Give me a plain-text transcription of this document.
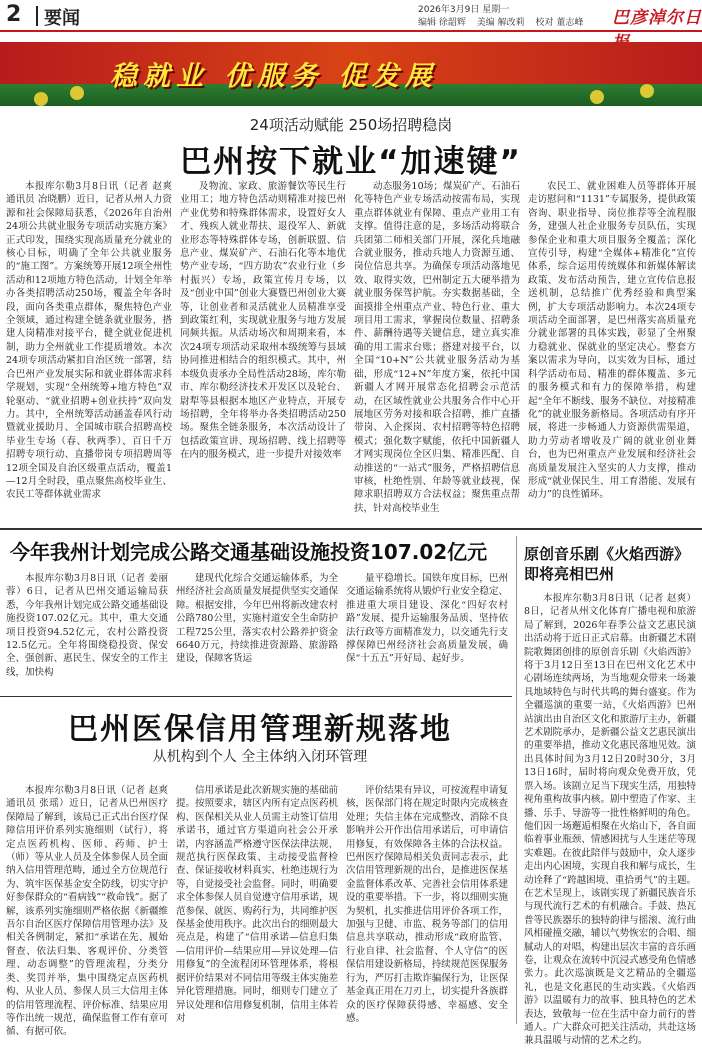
2 要闻	2026年3月9日 星期一
编辑 徐韶辉 美编 解改莉 校对 董志峰	巴彦淖尔日
稳就业 优服务 促发展
24项活动赋能 250场招聘稳岗
巴州按下就业“加速键”

本报库尔勒3月8日讯（记者 赵爽 通讯员 冶晓鹏）近日，记者从州人力资源和社会保障局获悉，《2026年自治州24项公共就业服务专项活动实施方案》正式印发，围绕实现高质量充分就业的核心目标，明确了全年公共就业服务的“施工图”。方案统筹开展12项全州性活动和12项地方特色活动，计划全年举办各类招聘活动250场，覆盖全年各时段，面向各类重点群体，聚焦特色产业全领域，通过构建全链条就业服务，搭建人岗精准对接平台，健全就业促进机制，助力全州就业工作提质增效。本次24项专项活动紧扣自治区统一部署，结合巴州产业发展实际和就业群体需求科学规划，实现“全州统筹+地方特色”双轮驱动、“就业招聘+创业扶持”双向发力。其中，全州统筹活动涵盖春风行动暨就业援助月、全国城市联合招聘高校毕业生专场（春、秋两季）、百日千万招聘专项行动、直播带岗专项招聘周等12项全国及自治区级重点活动，覆盖1—12月全时段，重点聚焦高校毕业生、农民工等群体就业需求

及物流、家政、旅游餐饮等民生行业用工；地方特色活动则精准对接巴州产业优势和特殊群体需求，设置好女人才、残疾人就业帮扶、退役军人、新就业形态等特殊群体专场，创新联盟、信息产业、煤炭矿产、石油石化等本地优势产业专场，“四方助农”农业行业（乡村振兴）专场，政策宣传月专场，以及“创业中国”创业大赛暨巴州创业大赛等，让创业者和灵活就业人员精准享受到政策红利，实现就业服务与地方发展同频共振。从活动场次和周期来看，本次24项专项活动采取州本级统筹与县域协同推进相结合的组织模式。其中，州本级负责承办全局性活动28场，库尔勒市、库尔勒经济技术开发区以及轮台、尉犁等县根据本地区产业特点，开展专场招聘，全年将举办各类招聘活动250场。聚焦全链条服务，本次活动设计了包括政策宣讲、现场招聘、线上招聘等在内的服务模式，进一步提升对接效率

动态服务10场；煤炭矿产、石油石化等特色产业专场活动按需布局，实现重点群体就业有保障、重点产业用工有支撑。值得注意的是，多场活动将联合兵团第二师相关部门开展，深化兵地融合就业服务，推动兵地人力资源互通、岗位信息共享。为确保专项活动落地见效、取得实效，巴州制定五大硬举措为就业服务保驾护航。夯实数据基础，全面摸排全州重点产业、特色行业、重大项目用工需求，掌握岗位数量、招聘条件、薪酬待遇等关键信息，建立真实准确的用工需求台账；搭建对接平台，以全国“10+N”公共就业服务活动为基础，形成“12+N”年度方案，依托中国新疆人才网开展常态化招聘会示范活动，在区域性就业公共服务合作中心开展地区劳务对接和联合招聘，推广直播带岗、入企探岗、农村招聘等特色招聘模式；强化数字赋能，依托中国新疆人才网实现岗位全区归集、精准匹配、自动推送的“一站式”服务，严格招聘信息审核，杜绝性别、年龄等就业歧视，保障求职招聘双方合法权益；聚焦重点帮扶，针对高校毕业生

农民工、就业困难人员等群体开展走访慰问和“1131”专属服务，提供政策咨询、职业指导、岗位推荐等全流程服务，建强人社企业服务专员队伍，实现参保企业和重大项目服务全覆盖；深化宣传引导，构建“全媒体+精准化”宣传体系，综合运用传统媒体和新媒体解读政策、发布活动预告，建立宣传信息报送机制，总结推广优秀经验和典型案例，扩大专项活动影响力。本次24项专项活动全面部署，是巴州落实高质量充分就业部署的具体实践，彰显了全州聚力稳就业、保就业的坚定决心。整套方案以需求为导向，以实效为目标，通过科学活动布局、精准的群体覆盖、多元的服务模式和有力的保障举措，构建起“全年不断线、服务不缺位、对接精准化”的就业服务新格局。各项活动有序开展，将进一步畅通人力资源供需渠道，助力劳动者增收及广阔的就业创业舞台，也为巴州重点产业发展和经济社会高质量发展注入坚实的人力支撑，推动形成“就业保民生、用工育潜能、发展有动力”的良性循环。

今年我州计划完成公路交通基础设施投资107.02亿元

本报库尔勒3月8日讯（记者 姜丽蓉）6日，记者从巴州交通运输局获悉，今年我州计划完成公路交通基础设施投资107.02亿元。其中，重大交通项目投资94.52亿元，农村公路投资12.5亿元。全年将围绕稳投资、保安全、强创新、惠民生、保安全的工作主线，加快构

建现代化综合交通运输体系，为全州经济社会高质量发展提供坚实交通保障。根据安排，今年巴州将新改建农村公路780公里，实施村道安全生命防护工程725公里，落实农村公路养护资金6640万元，持续推进资源路、旅游路建设，保障客货运

量平稳增长。国铁年度目标，巴州交通运输系统将从锻炉行业安全稳定、推进重大项目建设、深化“四好农村路”发展、提升运输服务品质、坚持依法行政等方面精准发力，以交通先行支撑保障巴州经济社会高质量发展，确保“十五五”开好局、起好步。

原创音乐剧《火焰西游》即将亮相巴州

本报库尔勒3月8日讯（记者 赵爽）8日，记者从州文化体育广播电视和旅游局了解到，2026年春季公益文艺惠民演出活动将于近日正式启幕。由新疆艺术剧院歌舞团创排的原创音乐剧《火焰西游》将于3月12日至13日在巴州文化艺术中心剧场连续两场，为当地观众带来一场兼具地域特色与时代共鸣的舞台盛宴。作为全疆巡演的重要一站，《火焰西游》巴州站演出由自治区文化和旅游厅主办，新疆艺术剧院承办，是新疆公益文艺惠民演出的重要举措，推动文化惠民落地见效。演出具体时间为3月12日20时30分，3月13日16时，届时将向观众免费开放，凭票入场。该剧立足当下现实生活，用独特视角重构故事内核。剧中塑造了作家、主播、乐手、导游等一批性格鲜明的角色。他们因一场邂逅相聚在火焰山下，各自面临着事业瓶颈、情感困扰与人生迷茫等现实难题。在彼此陪伴与鼓励中，众人逐步走出内心困境，实现自我和解与成长，生动诠释了“跨越困境、重拾勇气”的主题。在艺术呈现上，该剧实现了新疆民族音乐与现代流行艺术的有机融合。手鼓、热瓦普等民族器乐的独特韵律与摇滚、流行曲风相碰撞交融，辅以气势恢宏的合唱、细腻动人的对唱，构建出层次丰富的音乐画卷，让观众在流转中沉浸式感受角色情感张力。此次巡演既是文艺精品的全疆巡礼，也是文化惠民的生动实践。《火焰西游》以温暖有力的故事、独具特色的艺术表达，致敬每一位在生活中奋力前行的普通人。广大群众可把关注活动，共赴这场兼具温暖与动情的艺术之约。

巴州医保信用管理新规落地
从机构到个人 全主体纳入闭环管理

本报库尔勒3月8日讯（记者 赵爽 通讯员 张瑶）近日，记者从巴州医疗保障局了解到，该局已正式出台医疗保障信用评价系列实施细则（试行），将定点医药机构、医师、药师、护士（师）等从业人员及全体参保人员全面纳入信用管理范畴，通过全方位规范行为、筑牢医保基金安全防线，切实守护好参保群众的“看病钱”“救命钱”。据了解，该系列实施细则严格依据《新疆维吾尔自治区医疗保障信用管理办法》及相关各例制定，紧扣“承诺在先、履始督查、依法归集、客观评价、分类管理、动态调整”的管理流程，分类分类、奖罚并举，集中围绕定点医药机构、从业人员、参保人员三大信用主体的信用管理流程、评价标准、结果应用等作出统一规范，确保监督工作有章可循、有据可依。

信用承诺是此次新规实施的基础前提。按照要求，辖区内所有定点医药机构、医保相关从业人员需主动签订信用承诺书，通过官方渠道向社会公开承诺，内容涵盖严格遵守医保法律法规、规范执行医保政策、主动接受监督检查、保证接收材料真实、杜绝违规行为等，自觉接受社会监督。同时，明确要求全体参保人员自觉遵守信用承诺，规范参保、就医、购药行为，共同维护医保基金使用秩序。此次出台的细则最大亮点是，构建了“信用承诺—信息归集—信用评价—结果应用—异议处理—信用修复”的全流程闭环管理体系，将根据评价结果对不同信用等级主体实施差异化管理措施。同时，细则专门建立了异议处理和信用修复机制，信用主体若对

评价结果有异议，可按流程申请复核，医保部门将在规定时限内完成核查处理；失信主体在完成整改、消除不良影响并公开作出信用承诺后，可申请信用修复，有效保障各主体的合法权益。巴州医疗保障局相关负责同志表示，此次信用管理新规的出台，是推进医保基金监督体系改革、完善社会信用体系建设的重要举措。下一步，将以细则实施为契机，扎实推进信用评价各项工作，加强与卫健、市监、税务等部门的信用信息共享联动，推动形成“政府监管、行业自律、社会监督、个人守信”的医保信用建设新格局，持续规范医保服务行为，严厉打击欺诈骗保行为，让医保基金真正用在刀刃上，切实提升各族群众的医疗保障获得感、幸福感、安全感。
